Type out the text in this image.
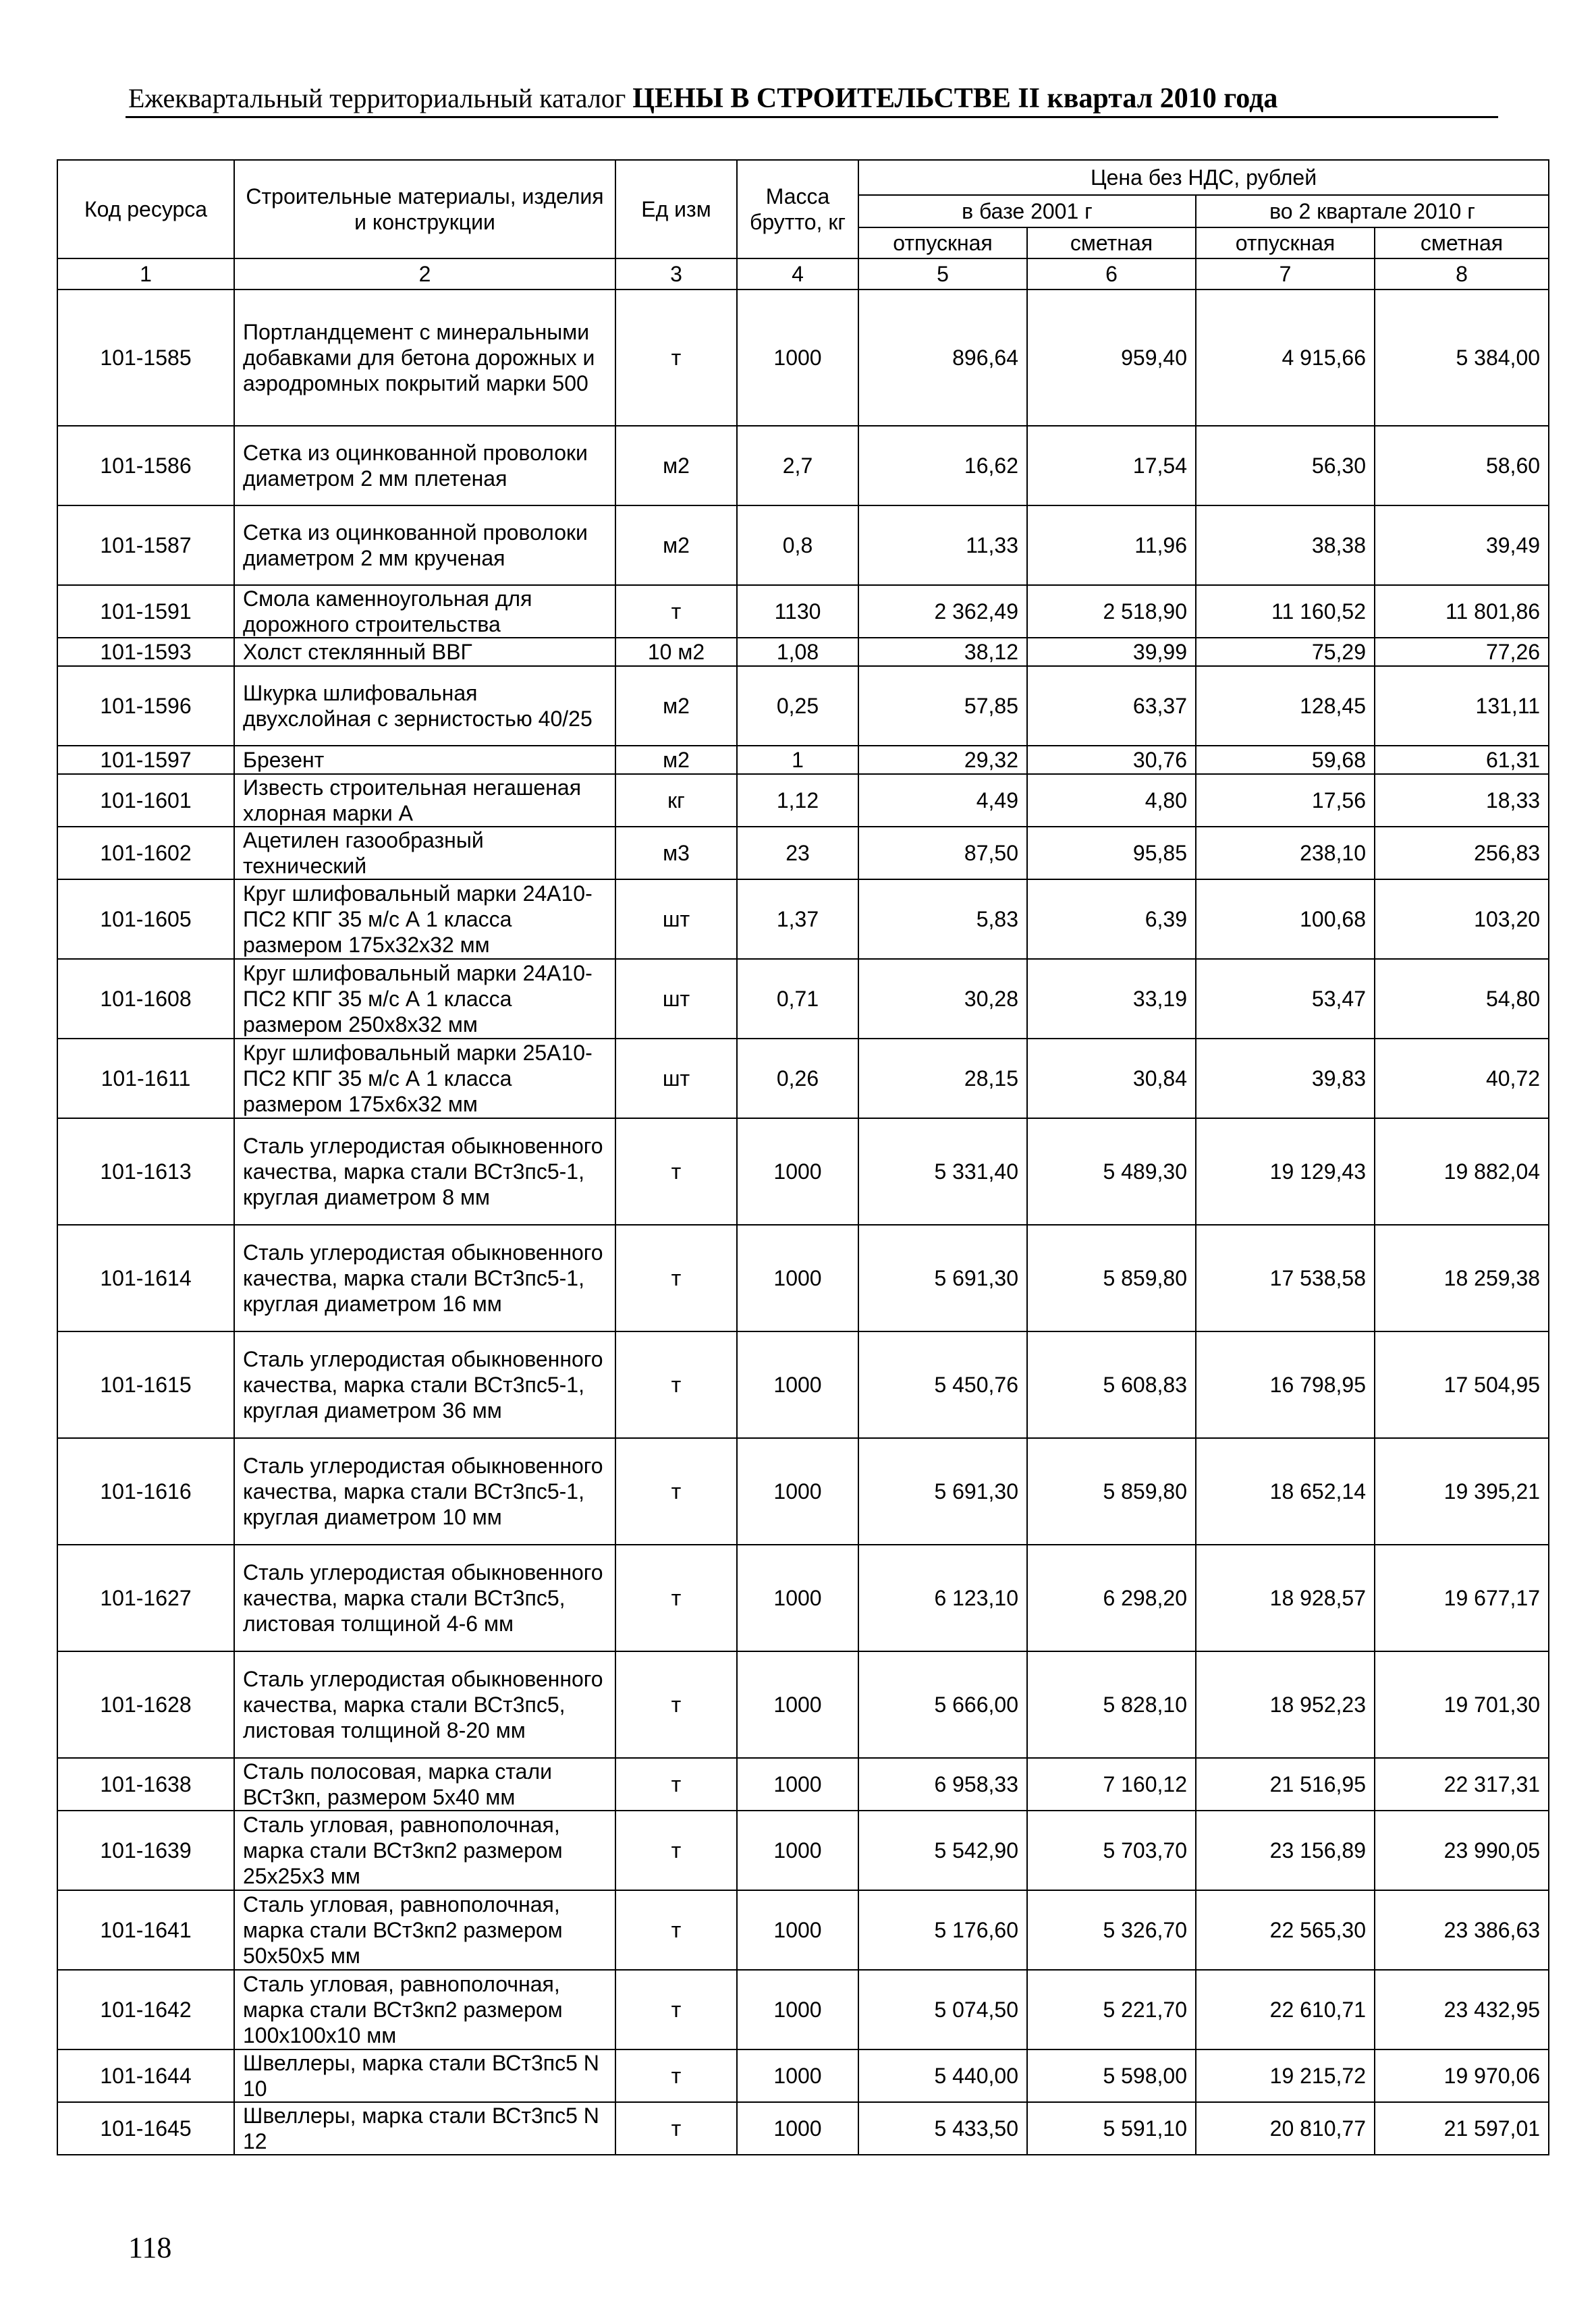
Ежеквартальный территориальный каталог ЦЕНЫ В СТРОИТЕЛЬСТВЕ II квартал 2010 года
Код ресурса	Строительные материалы, изделия и конструкции	Ед изм	Масса брутто, кг	Цена без НДС, рублей			
				в базе 2001 г		во 2 квартале 2010 г	
				отпускная	сметная	отпускная	сметная
1	2	3	4	5	6	7	8
101-1585	Портландцемент с минеральными добавками для бетона дорожных и аэродромных покрытий марки 500	т	1000	896,64	959,40	4 915,66	5 384,00
101-1586	Сетка из оцинкованной проволоки диаметром 2 мм плетеная	м2	2,7	16,62	17,54	56,30	58,60
101-1587	Сетка из оцинкованной проволоки диаметром 2 мм крученая	м2	0,8	11,33	11,96	38,38	39,49
101-1591	Смола каменноугольная для дорожного строительства	т	1130	2 362,49	2 518,90	11 160,52	11 801,86
101-1593	Холст стеклянный ВВГ	10 м2	1,08	38,12	39,99	75,29	77,26
101-1596	Шкурка шлифовальная двухслойная с зернистостью 40/25	м2	0,25	57,85	63,37	128,45	131,11
101-1597	Брезент	м2	1	29,32	30,76	59,68	61,31
101-1601	Известь строительная негашеная хлорная марки А	кг	1,12	4,49	4,80	17,56	18,33
101-1602	Ацетилен газообразный технический	м3	23	87,50	95,85	238,10	256,83
101-1605	Круг шлифовальный марки 24А10-ПС2 КПГ 35 м/с А 1 класса размером 175х32х32 мм	шт	1,37	5,83	6,39	100,68	103,20
101-1608	Круг шлифовальный марки 24А10-ПС2 КПГ 35 м/с А 1 класса размером 250х8х32 мм	шт	0,71	30,28	33,19	53,47	54,80
101-1611	Круг шлифовальный марки 25А10-ПС2 КПГ 35 м/с А 1 класса размером 175х6х32 мм	шт	0,26	28,15	30,84	39,83	40,72
101-1613	Сталь углеродистая обыкновенного качества, марка стали ВСт3пс5-1, круглая диаметром 8 мм	т	1000	5 331,40	5 489,30	19 129,43	19 882,04
101-1614	Сталь углеродистая обыкновенного качества, марка стали ВСт3пс5-1, круглая диаметром 16 мм	т	1000	5 691,30	5 859,80	17 538,58	18 259,38
101-1615	Сталь углеродистая обыкновенного качества, марка стали ВСт3пс5-1, круглая диаметром 36 мм	т	1000	5 450,76	5 608,83	16 798,95	17 504,95
101-1616	Сталь углеродистая обыкновенного качества, марка стали ВСт3пс5-1, круглая диаметром 10 мм	т	1000	5 691,30	5 859,80	18 652,14	19 395,21
101-1627	Сталь углеродистая обыкновенного качества, марка стали ВСт3пс5, листовая толщиной 4-6 мм	т	1000	6 123,10	6 298,20	18 928,57	19 677,17
101-1628	Сталь углеродистая обыкновенного качества, марка стали ВСт3пс5, листовая толщиной 8-20 мм	т	1000	5 666,00	5 828,10	18 952,23	19 701,30
101-1638	Сталь полосовая, марка стали ВСт3кп, размером 5х40 мм	т	1000	6 958,33	7 160,12	21 516,95	22 317,31
101-1639	Сталь угловая, равнополочная, марка стали ВСт3кп2 размером 25х25х3 мм	т	1000	5 542,90	5 703,70	23 156,89	23 990,05
101-1641	Сталь угловая, равнополочная, марка стали ВСт3кп2 размером 50х50х5 мм	т	1000	5 176,60	5 326,70	22 565,30	23 386,63
101-1642	Сталь угловая, равнополочная, марка стали ВСт3кп2 размером 100х100х10 мм	т	1000	5 074,50	5 221,70	22 610,71	23 432,95
101-1644	Швеллеры, марка стали ВСт3пс5 N 10	т	1000	5 440,00	5 598,00	19 215,72	19 970,06
101-1645	Швеллеры, марка стали ВСт3пс5 N 12	т	1000	5 433,50	5 591,10	20 810,77	21 597,01
118
